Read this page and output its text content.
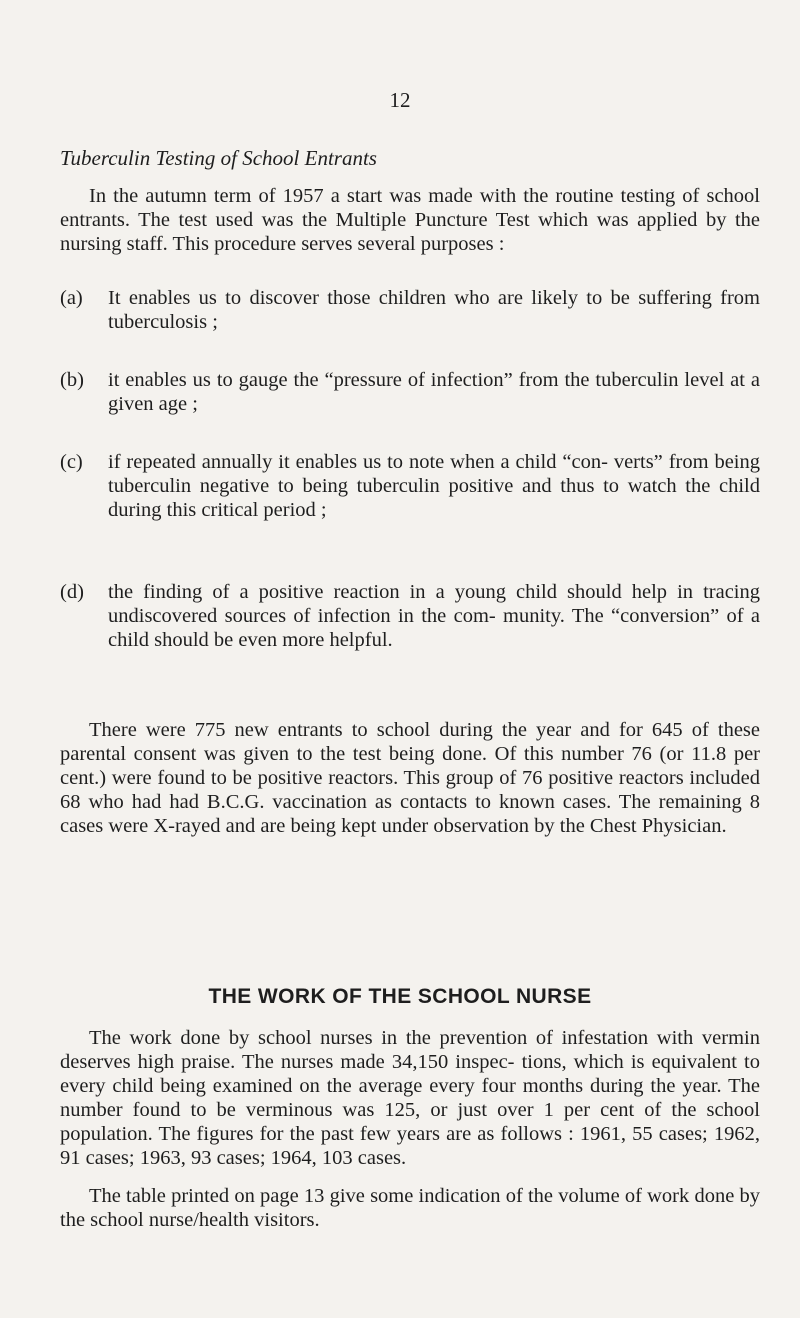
12
Tuberculin Testing of School Entrants
In the autumn term of 1957 a start was made with the routine testing of school entrants. The test used was the Multiple Puncture Test which was applied by the nursing staff. This procedure serves several purposes :
(a)	It enables us to discover those children who are likely to be suffering from tuberculosis ;
(b) it enables us to gauge the “pressure of infection” from the tuberculin level at a given age ;
(c)	if repeated annually it enables us to note when a child “con- verts” from being tuberculin negative to being tuberculin positive and thus to watch the child during this critical period ;
(d) the finding of a positive reaction in a young child should help in tracing undiscovered sources of infection in the com- munity. The “conversion” of a child should be even more helpful.
There were 775 new entrants to school during the year and for 645 of these parental consent was given to the test being done. Of this number 76 (or 11.8 per cent.) were found to be positive reactors. This group of 76 positive reactors included 68 who had had B.C.G. vaccination as contacts to known cases. The remaining 8 cases were X-rayed and are being kept under observation by the Chest Physician.
THE WORK OF THE SCHOOL NURSE
The work done by school nurses in the prevention of infestation with vermin deserves high praise. The nurses made 34,150 inspec- tions, which is equivalent to every child being examined on the average every four months during the year. The number found to be verminous was 125, or just over 1 per cent of the school population. The figures for the past few years are as follows : 1961, 55 cases; 1962, 91 cases; 1963, 93 cases; 1964, 103 cases.
The table printed on page 13 give some indication of the volume of work done by the school nurse/health visitors.
